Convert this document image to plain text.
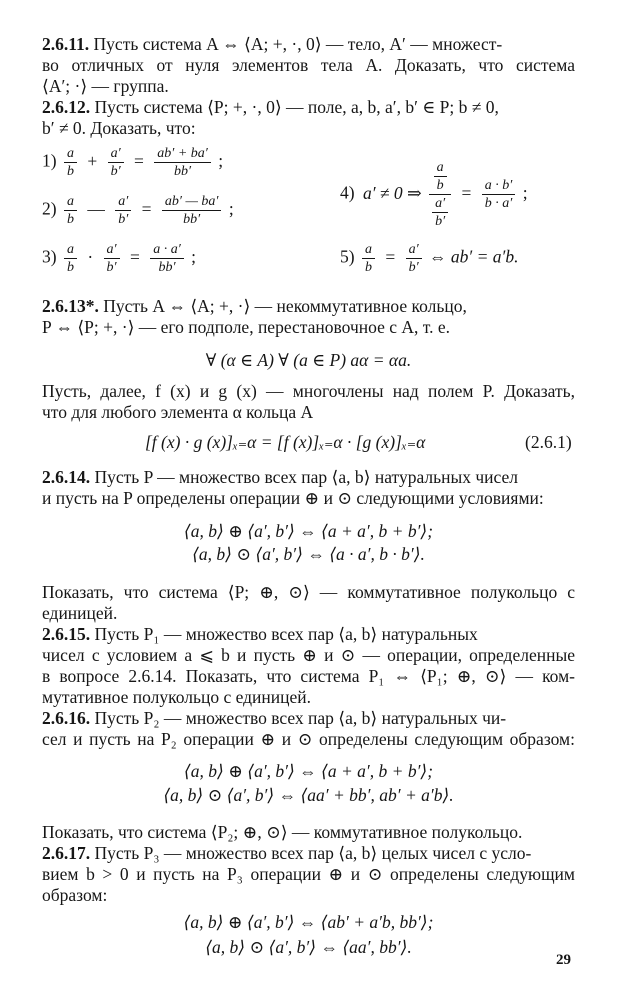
2.6.11. Пусть система A ⇔ ⟨A; +, ·, 0⟩ — тело, A′ — множест-
во отличных от нуля элементов тела A. Доказать, что система
⟨A′; ·⟩ — группа.
2.6.12. Пусть система ⟨P; +, ·, 0⟩ — поле, a, b, a′, b′ ∈ P; b ≠ 0,
b′ ≠ 0. Доказать, что:
$1) \frac{a}{b} + \frac{a'}{b'} = \frac{ab' + ba'}{bb'}$ ;
$2) \frac{a}{b}$ — $\frac{a'}{b'} = \frac{ab' — ba'}{bb'}$ ;
$3) \frac{a}{b} \cdot \frac{a'}{b'} = \frac{a \cdot a'}{bb'}$ ;
4) a′ ≠ 0 ⇒ $\frac{\frac{a}{b}}{\frac{a'}{b'}} = \frac{a \cdot b'}{b \cdot a'}$ ;
$5) \frac{a}{b} = \frac{a'}{b'}$ ⇔ ab′ = a′b.
2.6.13*. Пусть A ⇔ ⟨A; +, ·⟩ — некоммутативное кольцо,
P ⇔ ⟨P; +, ·⟩ — его подполе, перестановочное с A, т. е.
∀ (α ∈ A) ∀ (a ∈ P) aα = αa.
Пусть, далее, f (x) и g (x) — многочлены над полем P. Доказать,
что для любого элемента α кольца A
[f (x) · g (x)]ₓ₌α = [f (x)]ₓ₌α · [g (x)]ₓ₌α	(2.6.1)
2.6.14. Пусть P — множество всех пар ⟨a, b⟩ натуральных чисел
и пусть на P определены операции ⊕ и ⊙ следующими условиями:
⟨a, b⟩ ⊕ ⟨a′, b′⟩ ⇔ ⟨a + a′, b + b′⟩;
⟨a, b⟩ ⊙ ⟨a′, b′⟩ ⇔ ⟨a · a′, b · b′⟩.
Показать, что система ⟨P; ⊕, ⊙⟩ — коммутативное полукольцо с
единицей.
2.6.15. Пусть P₁ — множество всех пар ⟨a, b⟩ натуральных
чисел с условием a ⩽ b и пусть ⊕ и ⊙ — операции, определенные
в вопросе 2.6.14. Показать, что система P₁ ⇔ ⟨P₁; ⊕, ⊙⟩ — ком-
мутативное полукольцо с единицей.
2.6.16. Пусть P₂ — множество всех пар ⟨a, b⟩ натуральных чи-
сел и пусть на P₂ операции ⊕ и ⊙ определены следующим образом:
⟨a, b⟩ ⊕ ⟨a′, b′⟩ ⇔ ⟨a + a′, b + b′⟩;
⟨a, b⟩ ⊙ ⟨a′, b′⟩ ⇔ ⟨aa′ + bb′, ab′ + a′b⟩.
Показать, что система ⟨P₂; ⊕, ⊙⟩ — коммутативное полукольцо.
2.6.17. Пусть P₃ — множество всех пар ⟨a, b⟩ целых чисел с усло-
вием b > 0 и пусть на P₃ операции ⊕ и ⊙ определены следующим
образом:
⟨a, b⟩ ⊕ ⟨a′, b′⟩ ⇔ ⟨ab′ + a′b, bb′⟩;
⟨a, b⟩ ⊙ ⟨a′, b′⟩ ⇔ ⟨aa′, bb′⟩.
29
